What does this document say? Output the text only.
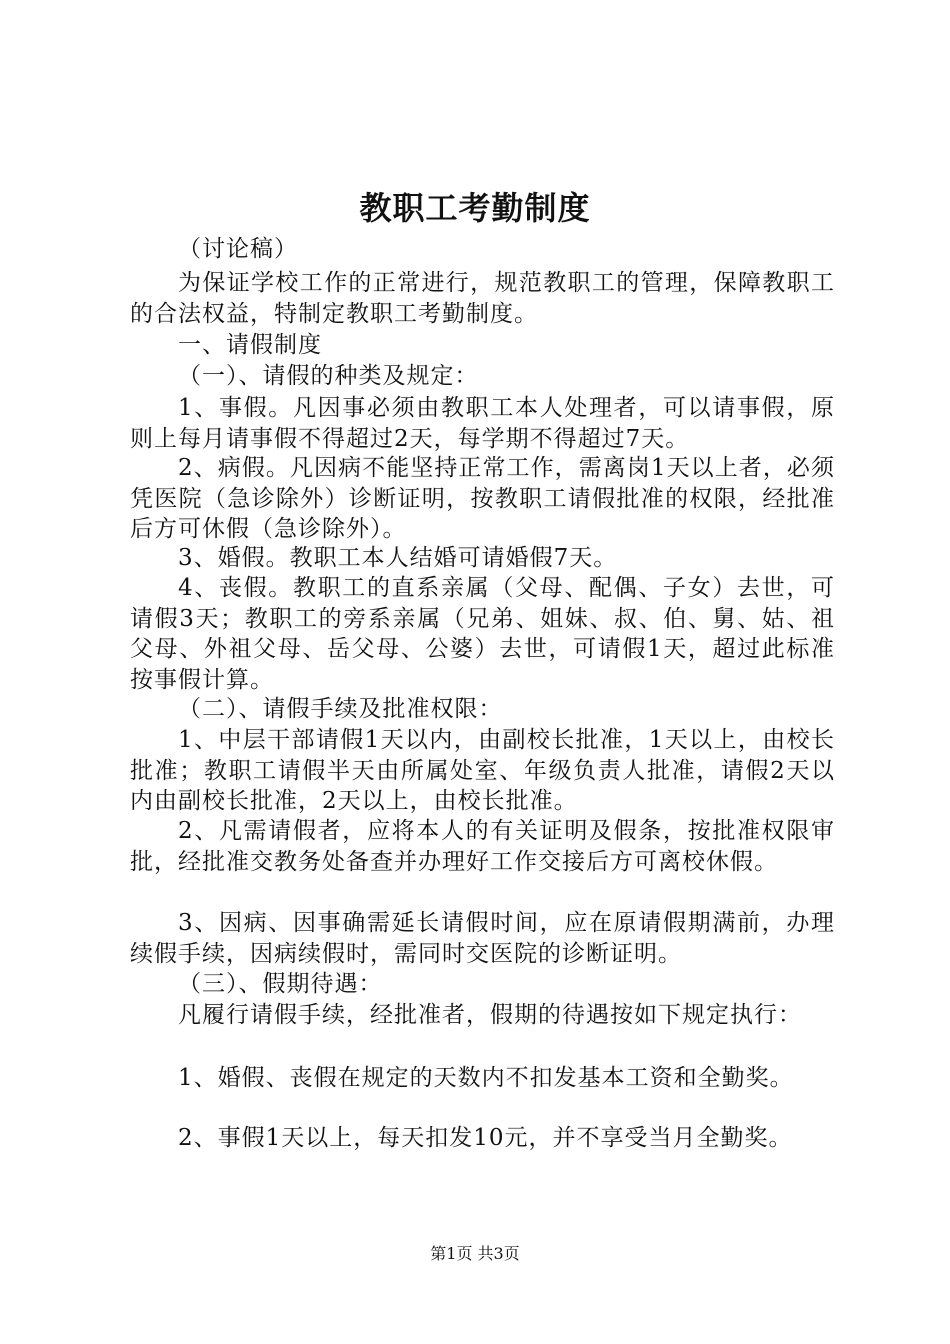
教职工考勤制度
（讨论稿）
为保证学校工作的正常进行，规范教职工的管理，保障教职工的合法权益，特制定教职工考勤制度。
一、请假制度
（一）、请假的种类及规定：
1、事假。凡因事必须由教职工本人处理者，可以请事假，原则上每月请事假不得超过2天，每学期不得超过7天。
2、病假。凡因病不能坚持正常工作，需离岗1天以上者，必须凭医院（急诊除外）诊断证明，按教职工请假批准的权限，经批准后方可休假（急诊除外）。
3、婚假。教职工本人结婚可请婚假7天。
4、丧假。教职工的直系亲属（父母、配偶、子女）去世，可请假3天；教职工的旁系亲属（兄弟、姐妹、叔、伯、舅、姑、祖父母、外祖父母、岳父母、公婆）去世，可请假1天，超过此标准按事假计算。
（二）、请假手续及批准权限：
1、中层干部请假1天以内，由副校长批准，1天以上，由校长批准；教职工请假半天由所属处室、年级负责人批准，请假2天以内由副校长批准，2天以上，由校长批准。
2、凡需请假者，应将本人的有关证明及假条，按批准权限审批，经批准交教务处备查并办理好工作交接后方可离校休假。
3、因病、因事确需延长请假时间，应在原请假期满前，办理续假手续，因病续假时，需同时交医院的诊断证明。
（三）、假期待遇：
凡履行请假手续，经批准者，假期的待遇按如下规定执行：
1、婚假、丧假在规定的天数内不扣发基本工资和全勤奖。
2、事假1天以上，每天扣发10元，并不享受当月全勤奖。
第1页 共3页
